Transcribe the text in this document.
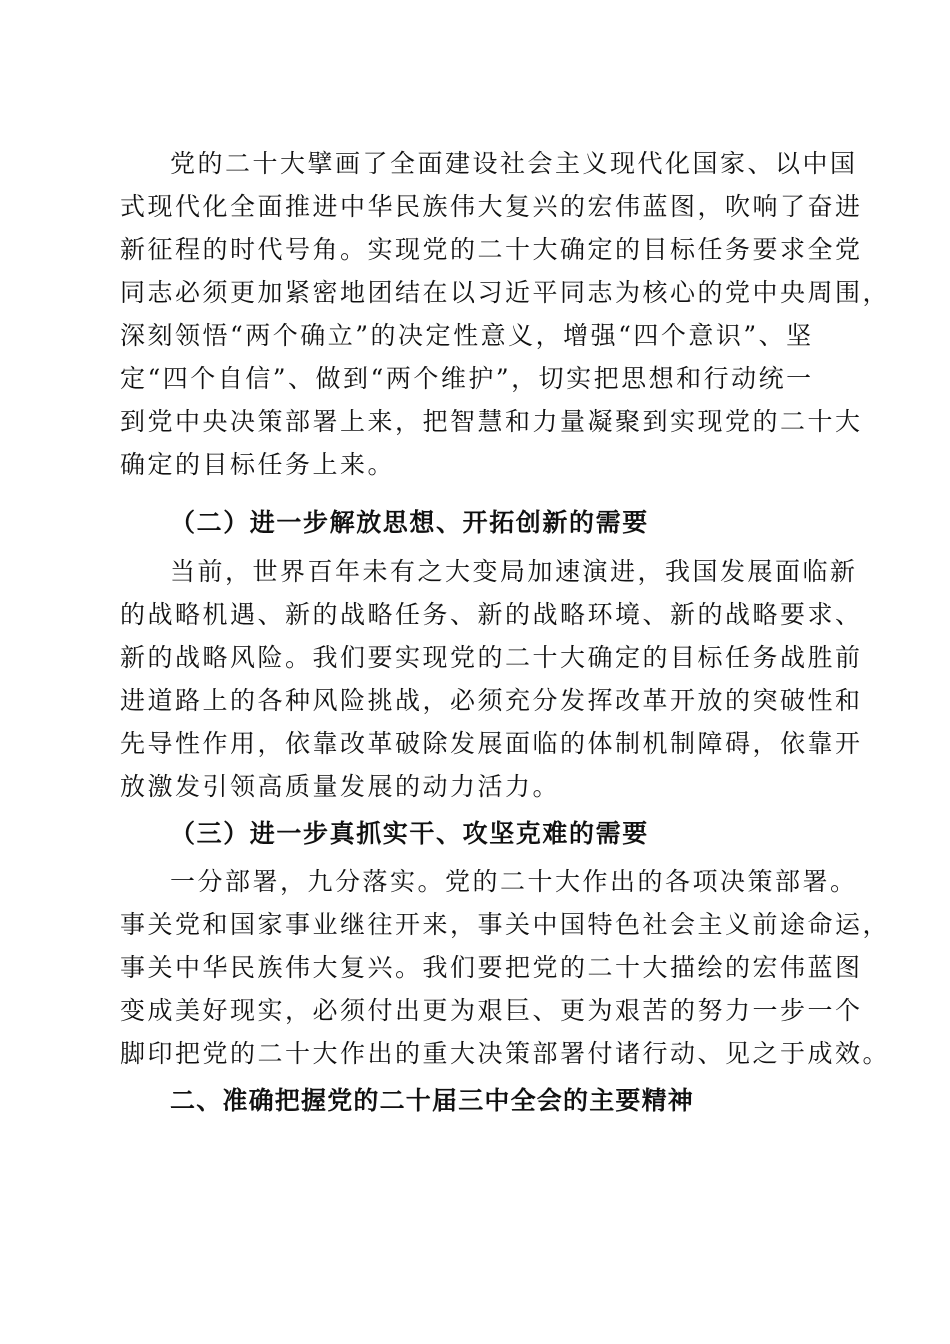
党的二十大擘画了全面建设社会主义现代化国家、以中国

式现代化全面推进中华民族伟大复兴的宏伟蓝图，吹响了奋进

新征程的时代号角。实现党的二十大确定的目标任务要求全党

同志必须更加紧密地团结在以习近平同志为核心的党中央周围，

深刻领悟“两个确立”的决定性意义，增强“四个意识”、坚

定“四个自信”、做到“两个维护”，切实把思想和行动统一

到党中央决策部署上来，把智慧和力量凝聚到实现党的二十大

确定的目标任务上来。

（二）进一步解放思想、开拓创新的需要

当前，世界百年未有之大变局加速演进，我国发展面临新

的战略机遇、新的战略任务、新的战略环境、新的战略要求、

新的战略风险。我们要实现党的二十大确定的目标任务战胜前

进道路上的各种风险挑战，必须充分发挥改革开放的突破性和

先导性作用，依靠改革破除发展面临的体制机制障碍，依靠开

放激发引领高质量发展的动力活力。

（三）进一步真抓实干、攻坚克难的需要

一分部署，九分落实。党的二十大作出的各项决策部署。

事关党和国家事业继往开来，事关中国特色社会主义前途命运，

事关中华民族伟大复兴。我们要把党的二十大描绘的宏伟蓝图

变成美好现实，必须付出更为艰巨、更为艰苦的努力一步一个

脚印把党的二十大作出的重大决策部署付诸行动、见之于成效。

二、准确把握党的二十届三中全会的主要精神
